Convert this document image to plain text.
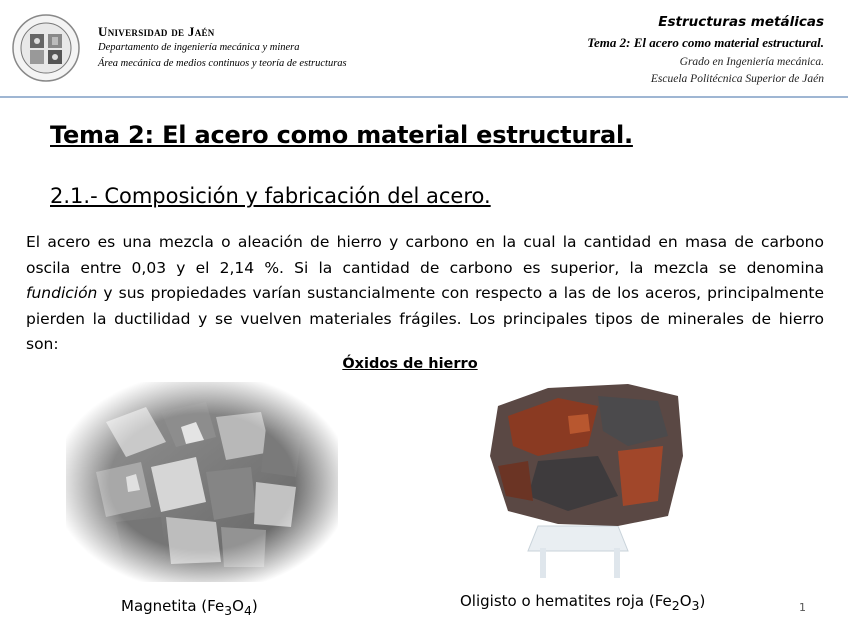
Universidad de Jaén
Departamento de ingeniería mecánica y minera
Área mecánica de medios continuos y teoría de estructuras
Estructuras metálicas
Tema 2: El acero como material estructural.
Grado en Ingeniería mecánica.
Escuela Politécnica Superior de Jaén
Tema 2: El acero como material estructural.
2.1.- Composición y fabricación del acero.
El acero es una mezcla o aleación de hierro y carbono en la cual la cantidad en masa de carbono oscila entre 0,03 y el 2,14 %. Si la cantidad de carbono es superior, la mezcla se denomina fundición y sus propiedades varían sustancialmente con respecto a las de los aceros, principalmente pierden la ductilidad y se vuelven materiales frágiles. Los principales tipos de minerales de hierro son:
Óxidos de hierro
Magnetita $(Fe_3O_4)$	Oligisto o hematites roja $(Fe_2O_3)$	1
